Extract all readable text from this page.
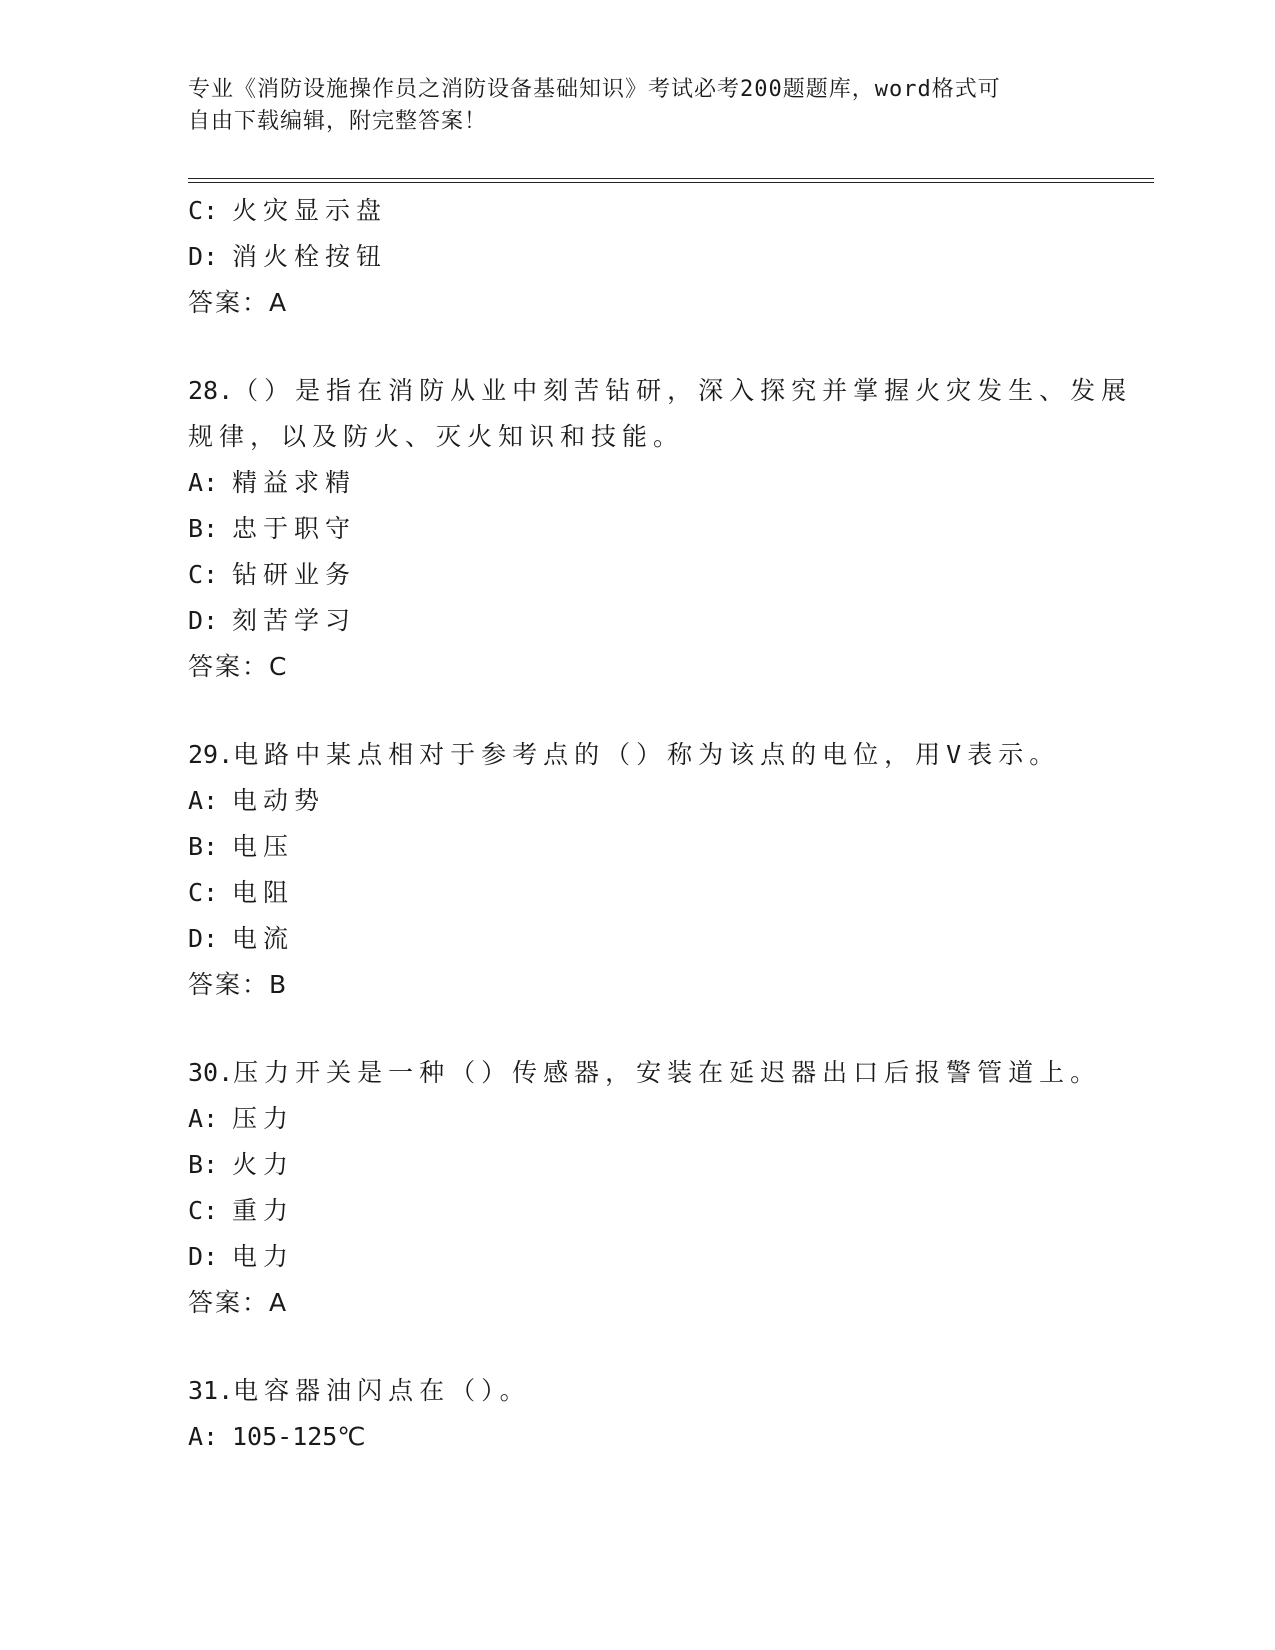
专业《消防设施操作员之消防设备基础知识》考试必考200题题库，word格式可
自由下载编辑，附完整答案！
C: 火灾显示盘
D: 消火栓按钮
答案：A
28.（）是指在消防从业中刻苦钻研，深入探究并掌握火灾发生、发展
规律，以及防火、灭火知识和技能。
A: 精益求精
B: 忠于职守
C: 钻研业务
D: 刻苦学习
答案：C
29.电路中某点相对于参考点的（）称为该点的电位，用V表示。
A: 电动势
B: 电压
C: 电阻
D: 电流
答案：B
30.压力开关是一种（）传感器，安装在延迟器出口后报警管道上。
A: 压力
B: 火力
C: 重力
D: 电力
答案：A
31.电容器油闪点在（）。
A: 105-125℃
